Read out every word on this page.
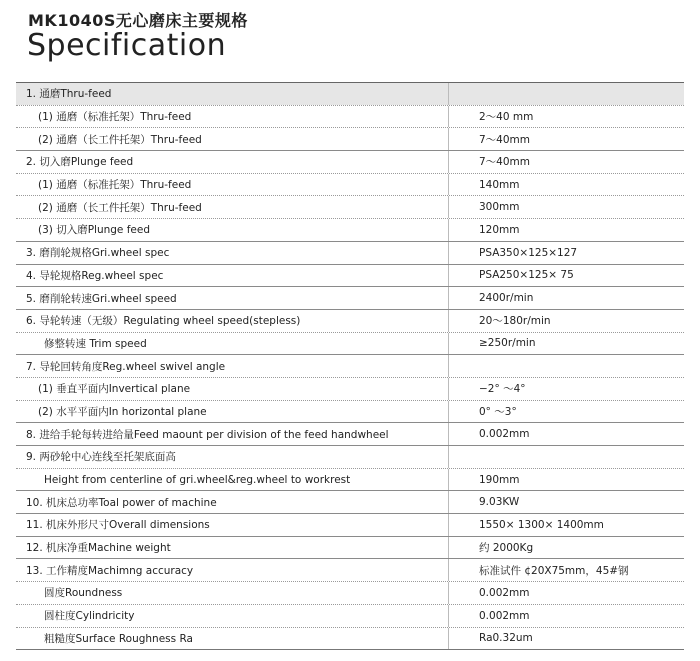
MK1040S无心磨床主要规格
Specification
1. 通磨Thru-feed
(1) 通磨（标准托架）Thru-feed	2～40 mm
(2) 通磨（长工件托架）Thru-feed	7～40mm
2. 切入磨Plunge feed	7～40mm
(1) 通磨（标准托架）Thru-feed	140mm
(2) 通磨（长工件托架）Thru-feed	300mm
(3) 切入磨Plunge feed	120mm
3. 磨削轮规格Gri.wheel spec	PSA350×125×127
4. 导轮规格Reg.wheel spec	PSA250×125× 75
5. 磨削轮转速Gri.wheel speed	2400r/min
6. 导轮转速（无级）Regulating wheel speed(stepless)	20～180r/min
修整转速 Trim speed	≥250r/min
7. 导轮回转角度Reg.wheel swivel angle
(1) 垂直平面内Invertical plane	−2° ～4°
(2) 水平平面内In horizontal plane	0° ～3°
8. 进给手轮每转进给量Feed maount per division of the feed handwheel	0.002mm
9. 两砂轮中心连线至托架底面高
Height from centerline of gri.wheel&reg.wheel to workrest	190mm
10. 机床总功率Toal power of machine	9.03KW
11. 机床外形尺寸Overall dimensions	1550× 1300× 1400mm
12. 机床净重Machine weight	约 2000Kg
13. 工作精度Machimng accuracy	标准试件 ¢20X75mm，45#钢
圆度Roundness	0.002mm
圆柱度Cylindricity	0.002mm
粗糙度Surface Roughness Ra	Ra0.32um
